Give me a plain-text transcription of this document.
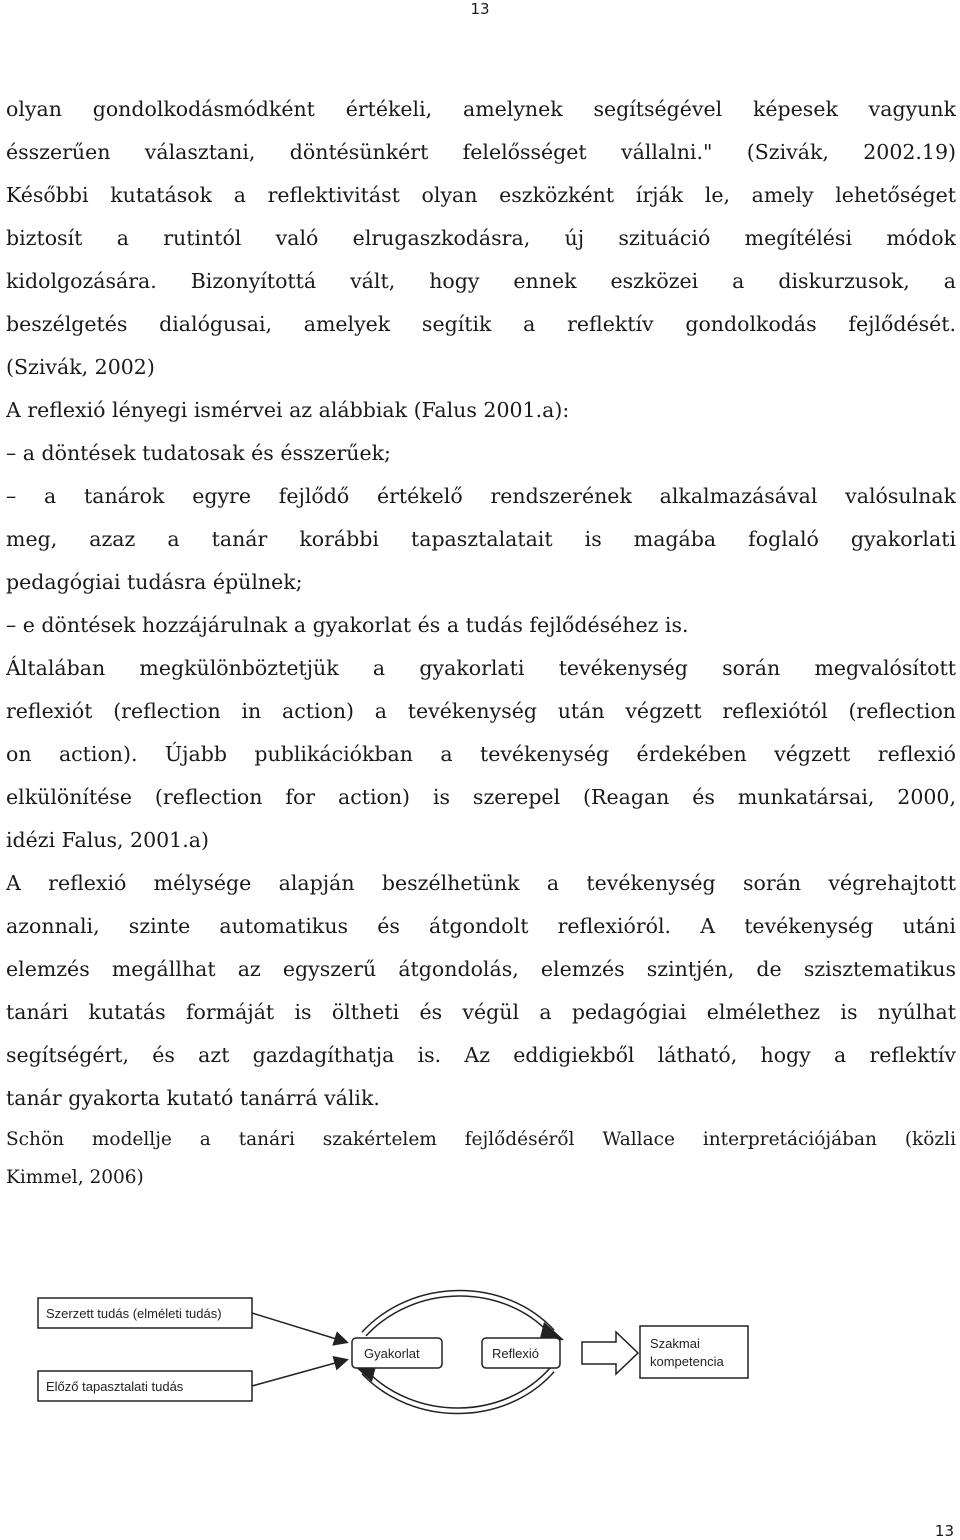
13
olyan gondolkodásmódként értékeli, amelynek segítségével képesek vagyunk
ésszerűen választani, döntésünkért felelősséget vállalni." (Szivák, 2002.19)
Későbbi kutatások a reflektivitást olyan eszközként írják le, amely lehetőséget
biztosít a rutintól való elrugaszkodásra, új szituáció megítélési módok
kidolgozására. Bizonyítottá vált, hogy ennek eszközei a diskurzusok, a
beszélgetés dialógusai, amelyek segítik a reflektív gondolkodás fejlődését.
(Szivák, 2002)
A reflexió lényegi ismérvei az alábbiak (Falus 2001.a):
– a döntések tudatosak és ésszerűek;
– a tanárok egyre fejlődő értékelő rendszerének alkalmazásával valósulnak
meg, azaz a tanár korábbi tapasztalatait is magába foglaló gyakorlati
pedagógiai tudásra épülnek;
– e döntések hozzájárulnak a gyakorlat és a tudás fejlődéséhez is.
Általában megkülönböztetjük a gyakorlati tevékenység során megvalósított
reflexiót (reflection in action) a tevékenység után végzett reflexiótól (reflection
on action). Újabb publikációkban a tevékenység érdekében végzett reflexió
elkülönítése (reflection for action) is szerepel (Reagan és munkatársai, 2000,
idézi Falus, 2001.a)
A reflexió mélysége alapján beszélhetünk a tevékenység során végrehajtott
azonnali, szinte automatikus és átgondolt reflexióról. A tevékenység utáni
elemzés megállhat az egyszerű átgondolás, elemzés szintjén, de szisztematikus
tanári kutatás formáját is öltheti és végül a pedagógiai elmélethez is nyúlhat
segítségért, és azt gazdagíthatja is. Az eddigiekből látható, hogy a reflektív
tanár gyakorta kutató tanárrá válik.
Schön modellje a tanári szakértelem fejlődéséről Wallace interpretációjában (közli
Kimmel, 2006)
Szerzett tudás (elméleti tudás)
Előző tapasztalati tudás
Gyakorlat	Reflexió
Szakmai
kompetencia
13
